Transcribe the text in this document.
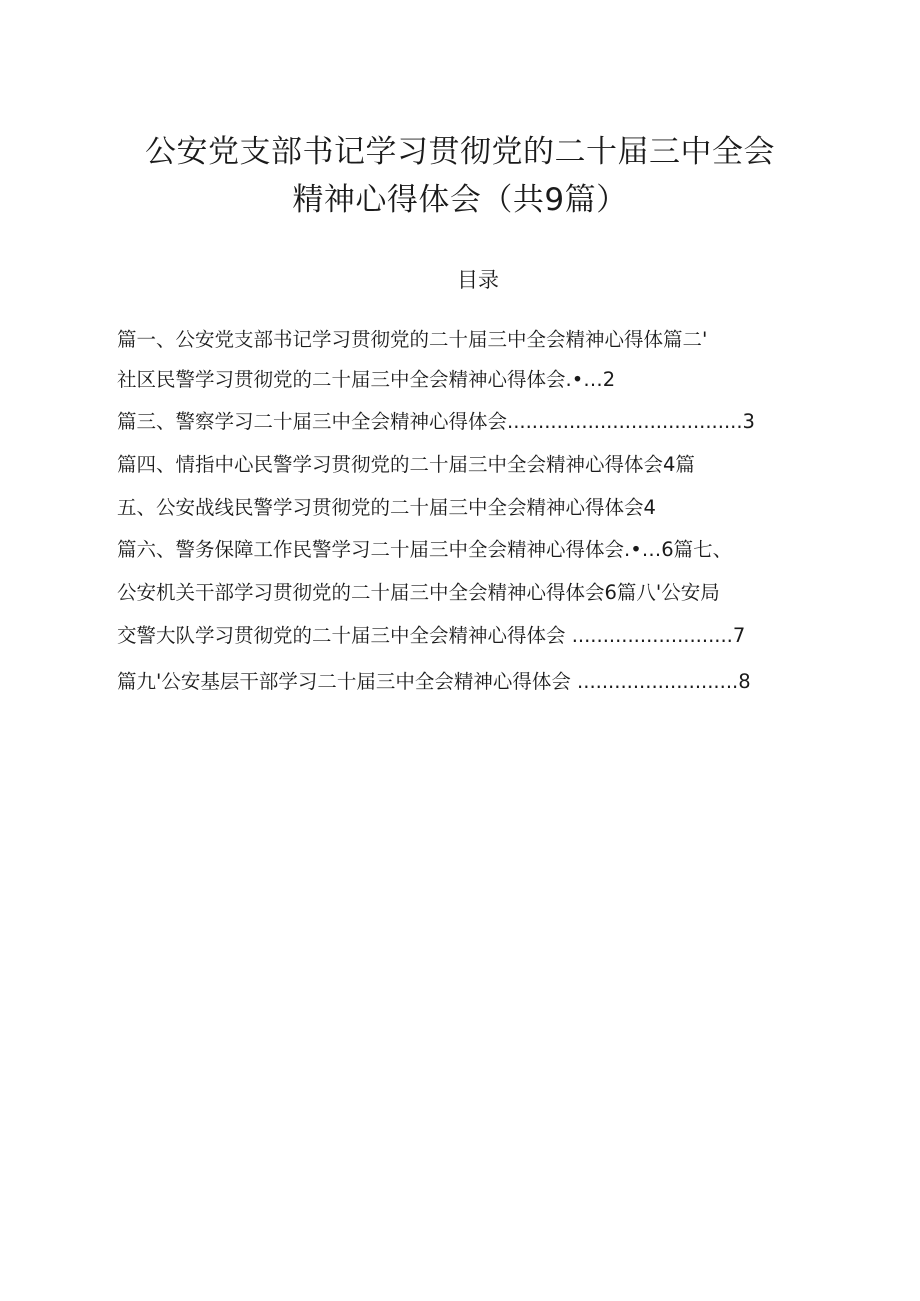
公安党支部书记学习贯彻党的二十届三中全会
精神心得体会（共9篇）
目录
篇一、公安党支部书记学习贯彻党的二十届三中全会精神心得体篇二'
社区民警学习贯彻党的二十届三中全会精神心得体会.•…2
篇三、警察学习二十届三中全会精神心得体会......................................3
篇四、情指中心民警学习贯彻党的二十届三中全会精神心得体会4篇
五、公安战线民警学习贯彻党的二十届三中全会精神心得体会4
篇六、警务保障工作民警学习二十届三中全会精神心得体会.•…6篇七、
公安机关干部学习贯彻党的二十届三中全会精神心得体会6篇八'公安局
交警大队学习贯彻党的二十届三中全会精神心得体会 ..........................7
篇九'公安基层干部学习二十届三中全会精神心得体会 ..........................8
